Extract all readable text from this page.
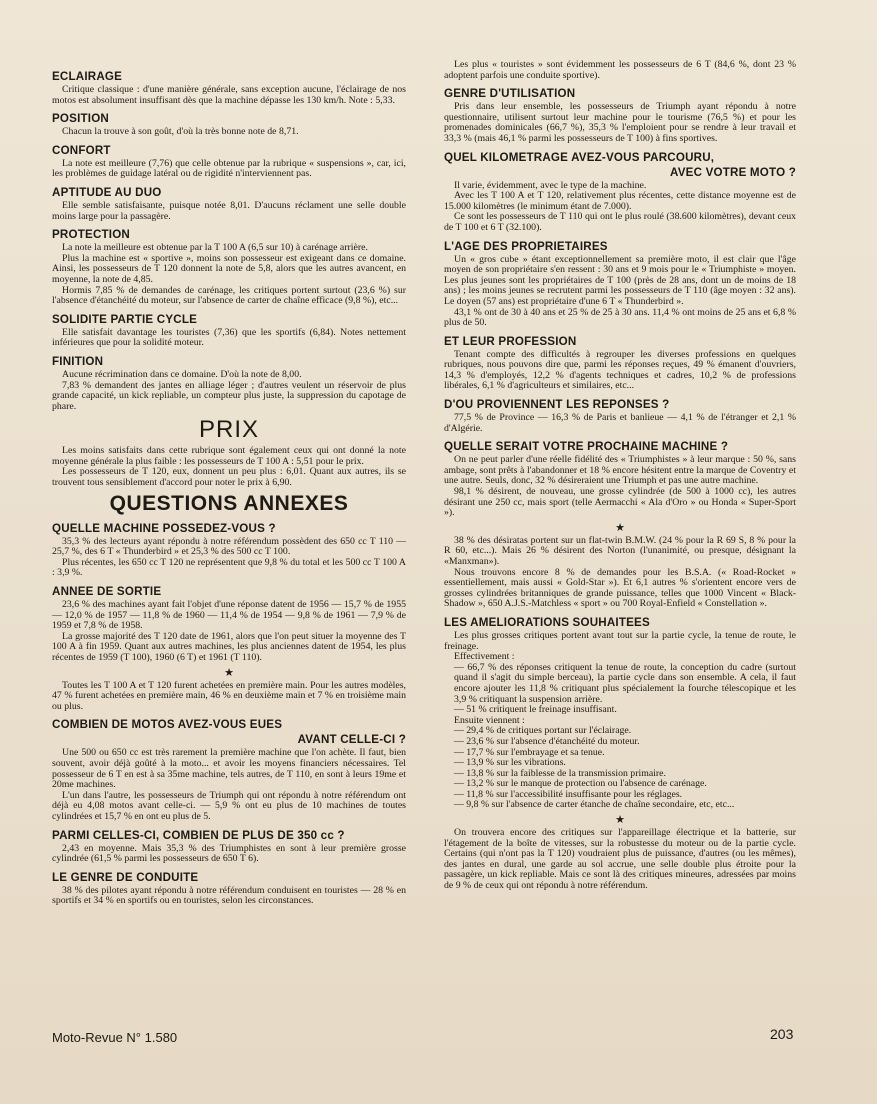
ECLAIRAGE

Critique classique : d'une manière générale, sans exception aucune, l'éclairage de nos motos est absolument insuffisant dès que la machine dépasse les 130 km/h. Note : 5,33.

POSITION

Chacun la trouve à son goût, d'où la très bonne note de 8,71.

CONFORT

La note est meilleure (7,76) que celle obtenue par la rubrique « suspensions », car, ici, les problèmes de guidage latéral ou de rigidité n'interviennent pas.

APTITUDE AU DUO

Elle semble satisfaisante, puisque notée 8,01. D'aucuns réclament une selle double moins large pour la passagère.

PROTECTION

La note la meilleure est obtenue par la T 100 A (6,5 sur 10) à carénage arrière.

Plus la machine est « sportive », moins son possesseur est exigeant dans ce domaine. Ainsi, les possesseurs de T 120 donnent la note de 5,8, alors que les autres avancent, en moyenne, la note de 4,85.

Hormis 7,85 % de demandes de carénage, les critiques portent surtout (23,6 %) sur l'absence d'étanchéité du moteur, sur l'absence de carter de chaîne efficace (9,8 %), etc...

SOLIDITE PARTIE CYCLE

Elle satisfait davantage les touristes (7,36) que les sportifs (6,84). Notes nettement inférieures que pour la solidité moteur.

FINITION

Aucune récrimination dans ce domaine. D'où la note de 8,00.

7,83 % demandent des jantes en alliage léger ; d'autres veulent un réservoir de plus grande capacité, un kick repliable, un compteur plus juste, la suppression du capotage de phare.

PRIX

Les moins satisfaits dans cette rubrique sont également ceux qui ont donné la note moyenne générale la plus faible : les possesseurs de T 100 A : 5,51 pour le prix.

Les possesseurs de T 120, eux, donnent un peu plus : 6,01. Quant aux autres, ils se trouvent tous sensiblement d'accord pour noter le prix à 6,90.

QUESTIONS ANNEXES
QUELLE MACHINE POSSEDEZ-VOUS ?

35,3 % des lecteurs ayant répondu à notre référendum possèdent des 650 cc T 110 — 25,7 %, des 6 T « Thunderbird » et 25,3 % des 500 cc T 100.

Plus récentes, les 650 cc T 120 ne représentent que 9,8 % du total et les 500 cc T 100 A : 3,9 %.

ANNEE DE SORTIE

23,6 % des machines ayant fait l'objet d'une réponse datent de 1956 — 15,7 % de 1955 — 12,0 % de 1957 — 11,8 % de 1960 — 11,4 % de 1954 — 9,8 % de 1961 — 7,9 % de 1959 et 7,8 % de 1958.

La grosse majorité des T 120 date de 1961, alors que l'on peut situer la moyenne des T 100 A à fin 1959. Quant aux autres machines, les plus anciennes datent de 1954, les plus récentes de 1959 (T 100), 1960 (6 T) et 1961 (T 110).

★

Toutes les T 100 A et T 120 furent achetées en première main. Pour les autres modèles, 47 % furent achetées en première main, 46 % en deuxième main et 7 % en troisième main ou plus.

COMBIEN DE MOTOS AVEZ-VOUS EUES
AVANT CELLE-CI ?

Une 500 ou 650 cc est très rarement la première machine que l'on achète. Il faut, bien souvent, avoir déjà goûté à la moto... et avoir les moyens financiers nécessaires. Tel possesseur de 6 T en est à sa 35me machine, tels autres, de T 110, en sont à leurs 19me et 20me machines.

L'un dans l'autre, les possesseurs de Triumph qui ont répondu à notre référendum ont déjà eu 4,08 motos avant celle-ci. — 5,9 % ont eu plus de 10 machines de toutes cylindrées et 15,7 % en ont eu plus de 5.

PARMI CELLES-CI, COMBIEN DE PLUS DE 350 cc ?

2,43 en moyenne. Mais 35,3 % des Triumphistes en sont à leur première grosse cylindrée (61,5 % parmi les possesseurs de 650 T 6).

LE GENRE DE CONDUITE

38 % des pilotes ayant répondu à notre référendum conduisent en touristes — 28 % en sportifs et 34 % en sportifs ou en touristes, selon les circonstances.

Les plus « touristes » sont évidemment les possesseurs de 6 T (84,6 %, dont 23 % adoptent parfois une conduite sportive).

GENRE D'UTILISATION

Pris dans leur ensemble, les possesseurs de Triumph ayant répondu à notre questionnaire, utilisent surtout leur machine pour le tourisme (76,5 %) et pour les promenades dominicales (66,7 %), 35,3 % l'emploient pour se rendre à leur travail et 33,3 % (mais 46,1 % parmi les possesseurs de T 100) à fins sportives.

QUEL KILOMETRAGE AVEZ-VOUS PARCOURU,
AVEC VOTRE MOTO ?

Il varie, évidemment, avec le type de la machine.

Avec les T 100 A et T 120, relativement plus récentes, cette distance moyenne est de 15.000 kilomètres (le minimum étant de 7.000).

Ce sont les possesseurs de T 110 qui ont le plus roulé (38.600 kilomètres), devant ceux de T 100 et 6 T (32.100).

L'AGE DES PROPRIETAIRES

Un « gros cube » étant exceptionnellement sa première moto, il est clair que l'âge moyen de son propriétaire s'en ressent : 30 ans et 9 mois pour le « Triumphiste » moyen. Les plus jeunes sont les propriétaires de T 100 (près de 28 ans, dont un de moins de 18 ans) ; les moins jeunes se recrutent parmi les possesseurs de T 110 (âge moyen : 32 ans). Le doyen (57 ans) est propriétaire d'une 6 T « Thunderbird ».

43,1 % ont de 30 à 40 ans et 25 % de 25 à 30 ans. 11,4 % ont moins de 25 ans et 6,8 % plus de 50.

ET LEUR PROFESSION

Tenant compte des difficultés à regrouper les diverses professions en quelques rubriques, nous pouvons dire que, parmi les réponses reçues, 49 % émanent d'ouvriers, 14,3 % d'employés, 12,2 % d'agents techniques et cadres, 10,2 % de professions libérales, 6,1 % d'agriculteurs et similaires, etc...

D'OU PROVIENNENT LES REPONSES ?

77,5 % de Province — 16,3 % de Paris et banlieue — 4,1 % de l'étranger et 2,1 % d'Algérie.

QUELLE SERAIT VOTRE PROCHAINE MACHINE ?

On ne peut parler d'une réelle fidélité des « Triumphistes » à leur marque : 50 %, sans ambage, sont prêts à l'abandonner et 18 % encore hésitent entre la marque de Coventry et une autre. Seuls, donc, 32 % désireraient une Triumph et pas une autre machine.

98,1 % désirent, de nouveau, une grosse cylindrée (de 500 à 1000 cc), les autres désirant une 250 cc, mais sport (telle Aermacchi « Ala d'Oro » ou Honda « Super-Sport »).

★

38 % des désiratas portent sur un flat-twin B.M.W. (24 % pour la R 69 S, 8 % pour la R 60, etc...). Mais 26 % désirent des Norton (l'unanimité, ou presque, désignant la «Manxman»).

Nous trouvons encore 8 % de demandes pour les B.S.A. (« Road-Rocket » essentiellement, mais aussi « Gold-Star »). Et 6,1 autres % s'orientent encore vers de grosses cylindrées britanniques de grande puissance, telles que 1000 Vincent « Black-Shadow », 650 A.J.S.-Matchless « sport » ou 700 Royal-Enfield « Constellation ».

LES AMELIORATIONS SOUHAITEES

Les plus grosses critiques portent avant tout sur la partie cycle, la tenue de route, le freinage.

Effectivement :

— 66,7 % des réponses critiquent la tenue de route, la conception du cadre (surtout quand il s'agit du simple berceau), la partie cycle dans son ensemble. A cela, il faut encore ajouter les 11,8 % critiquant plus spécialement la fourche télescopique et les 3,9 % critiquant la suspension arrière.

— 51 % critiquent le freinage insuffisant.

Ensuite viennent :

— 29,4 % de critiques portant sur l'éclairage.

— 23,6 % sur l'absence d'étanchéité du moteur.

— 17,7 % sur l'embrayage et sa tenue.

— 13,9 % sur les vibrations.

— 13,8 % sur la faiblesse de la transmission primaire.

— 13,2 % sur le manque de protection ou l'absence de carénage.

— 11,8 % sur l'accessibilité insuffisante pour les réglages.

— 9,8 % sur l'absence de carter étanche de chaîne secondaire, etc, etc...

★

On trouvera encore des critiques sur l'appareillage électrique et la batterie, sur l'étagement de la boîte de vitesses, sur la robustesse du moteur ou de la partie cycle. Certains (qui n'ont pas la T 120) voudraient plus de puissance, d'autres (ou les mêmes), des jantes en dural, une garde au sol accrue, une selle double plus étroite pour la passagère, un kick repliable. Mais ce sont là des critiques mineures, adressées par moins de 9 % de ceux qui ont répondu à notre référendum.

Moto-Revue N° 1.580	203
